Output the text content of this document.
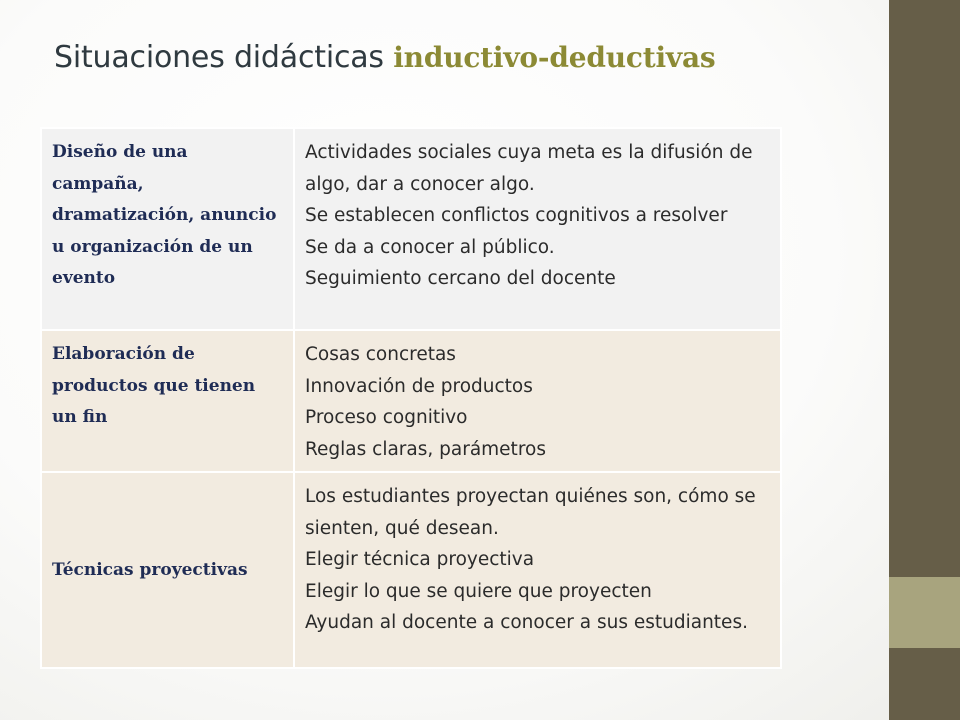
Situaciones didácticas inductivo-deductivas
Diseño de una campaña, dramatización, anuncio u organización de un evento	Actividades sociales cuya meta es la difusión de algo, dar a conocer algo.
Se establecen conflictos cognitivos a resolver
Se da a conocer al público.
Seguimiento cercano del docente

Elaboración de productos que tienen un fin	Cosas concretas
Innovación de productos
Proceso cognitivo
Reglas claras, parámetros

Técnicas proyectivas	Los estudiantes proyectan quiénes son, cómo se sienten, qué desean.
Elegir técnica proyectiva
Elegir lo que se quiere que proyecten
Ayudan al docente a conocer a sus estudiantes.
